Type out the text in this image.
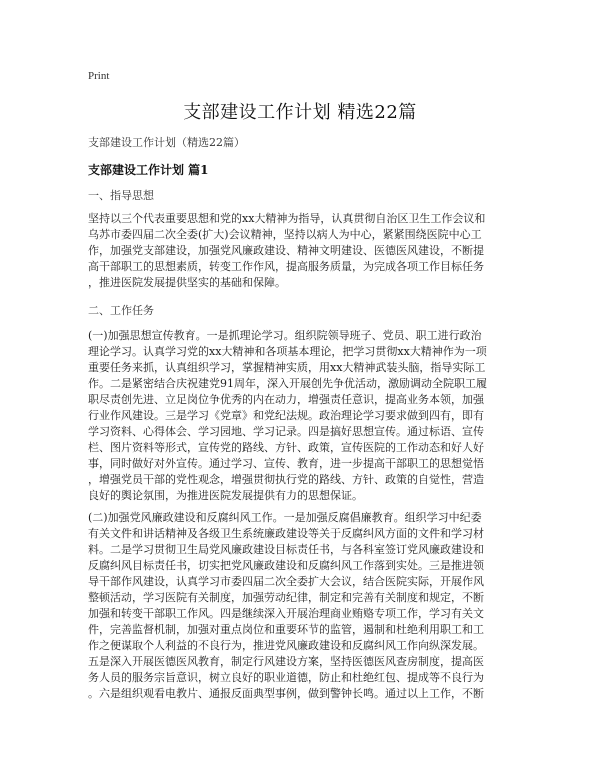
Print
支部建设工作计划 精选22篇
支部建设工作计划（精选22篇）
支部建设工作计划 篇1
一、指导思想
坚持以三个代表重要思想和党的xx大精神为指导，认真贯彻自治区卫生工作会议和
乌苏市委四届二次全委(扩大)会议精神，坚持以病人为中心，紧紧围绕医院中心工
作，加强党支部建设，加强党风廉政建设、精神文明建设、医德医风建设，不断提
高干部职工的思想素质，转变工作作风，提高服务质量，为完成各项工作目标任务
，推进医院发展提供坚实的基础和保障。
二、工作任务
(一)加强思想宣传教育。一是抓理论学习。组织院领导班子、党员、职工进行政治
理论学习。认真学习党的xx大精神和各项基本理论，把学习贯彻xx大精神作为一项
重要任务来抓，认真组织学习，掌握精神实质，用xx大精神武装头脑，指导实际工
作。二是紧密结合庆祝建党91周年，深入开展创先争优活动，激励调动全院职工履
职尽责创先进、立足岗位争优秀的内在动力，增强责任意识，提高业务本领，加强
行业作风建设。三是学习《党章》和党纪法规。政治理论学习要求做到四有，即有
学习资料、心得体会、学习园地、学习记录。四是搞好思想宣传。通过标语、宣传
栏、图片资料等形式，宣传党的路线、方针、政策，宣传医院的工作动态和好人好
事，同时做好对外宣传。通过学习、宣传、教育，进一步提高干部职工的思想觉悟
，增强党员干部的党性观念，增强贯彻执行党的路线、方针、政策的自觉性，营造
良好的舆论氛围，为推进医院发展提供有力的思想保证。
(二)加强党风廉政建设和反腐纠风工作。一是加强反腐倡廉教育。组织学习中纪委
有关文件和讲话精神及各级卫生系统廉政建设等关于反腐纠风方面的文件和学习材
料。二是学习贯彻卫生局党风廉政建设目标责任书，与各科室签订党风廉政建设和
反腐纠风目标责任书，切实把党风廉政建设和反腐纠风工作落到实处。三是推进领
导干部作风建设，认真学习市委四届二次全委扩大会议，结合医院实际，开展作风
整顿活动，学习医院有关制度，加强劳动纪律，制定和完善有关制度和规定，不断
加强和转变干部职工作风。四是继续深入开展治理商业贿赂专项工作，学习有关文
件，完善监督机制，加强对重点岗位和重要环节的监管，遏制和杜绝利用职工和工
作之便谋取个人利益的不良行为，推进党风廉政建设和反腐纠风工作向纵深发展。
五是深入开展医德医风教育，制定行风建设方案，坚持医德医风查房制度，提高医
务人员的服务宗旨意识，树立良好的职业道德，防止和杜绝红包、提成等不良行为
。六是组织观看电教片、通报反面典型事例，做到警钟长鸣。通过以上工作，不断
